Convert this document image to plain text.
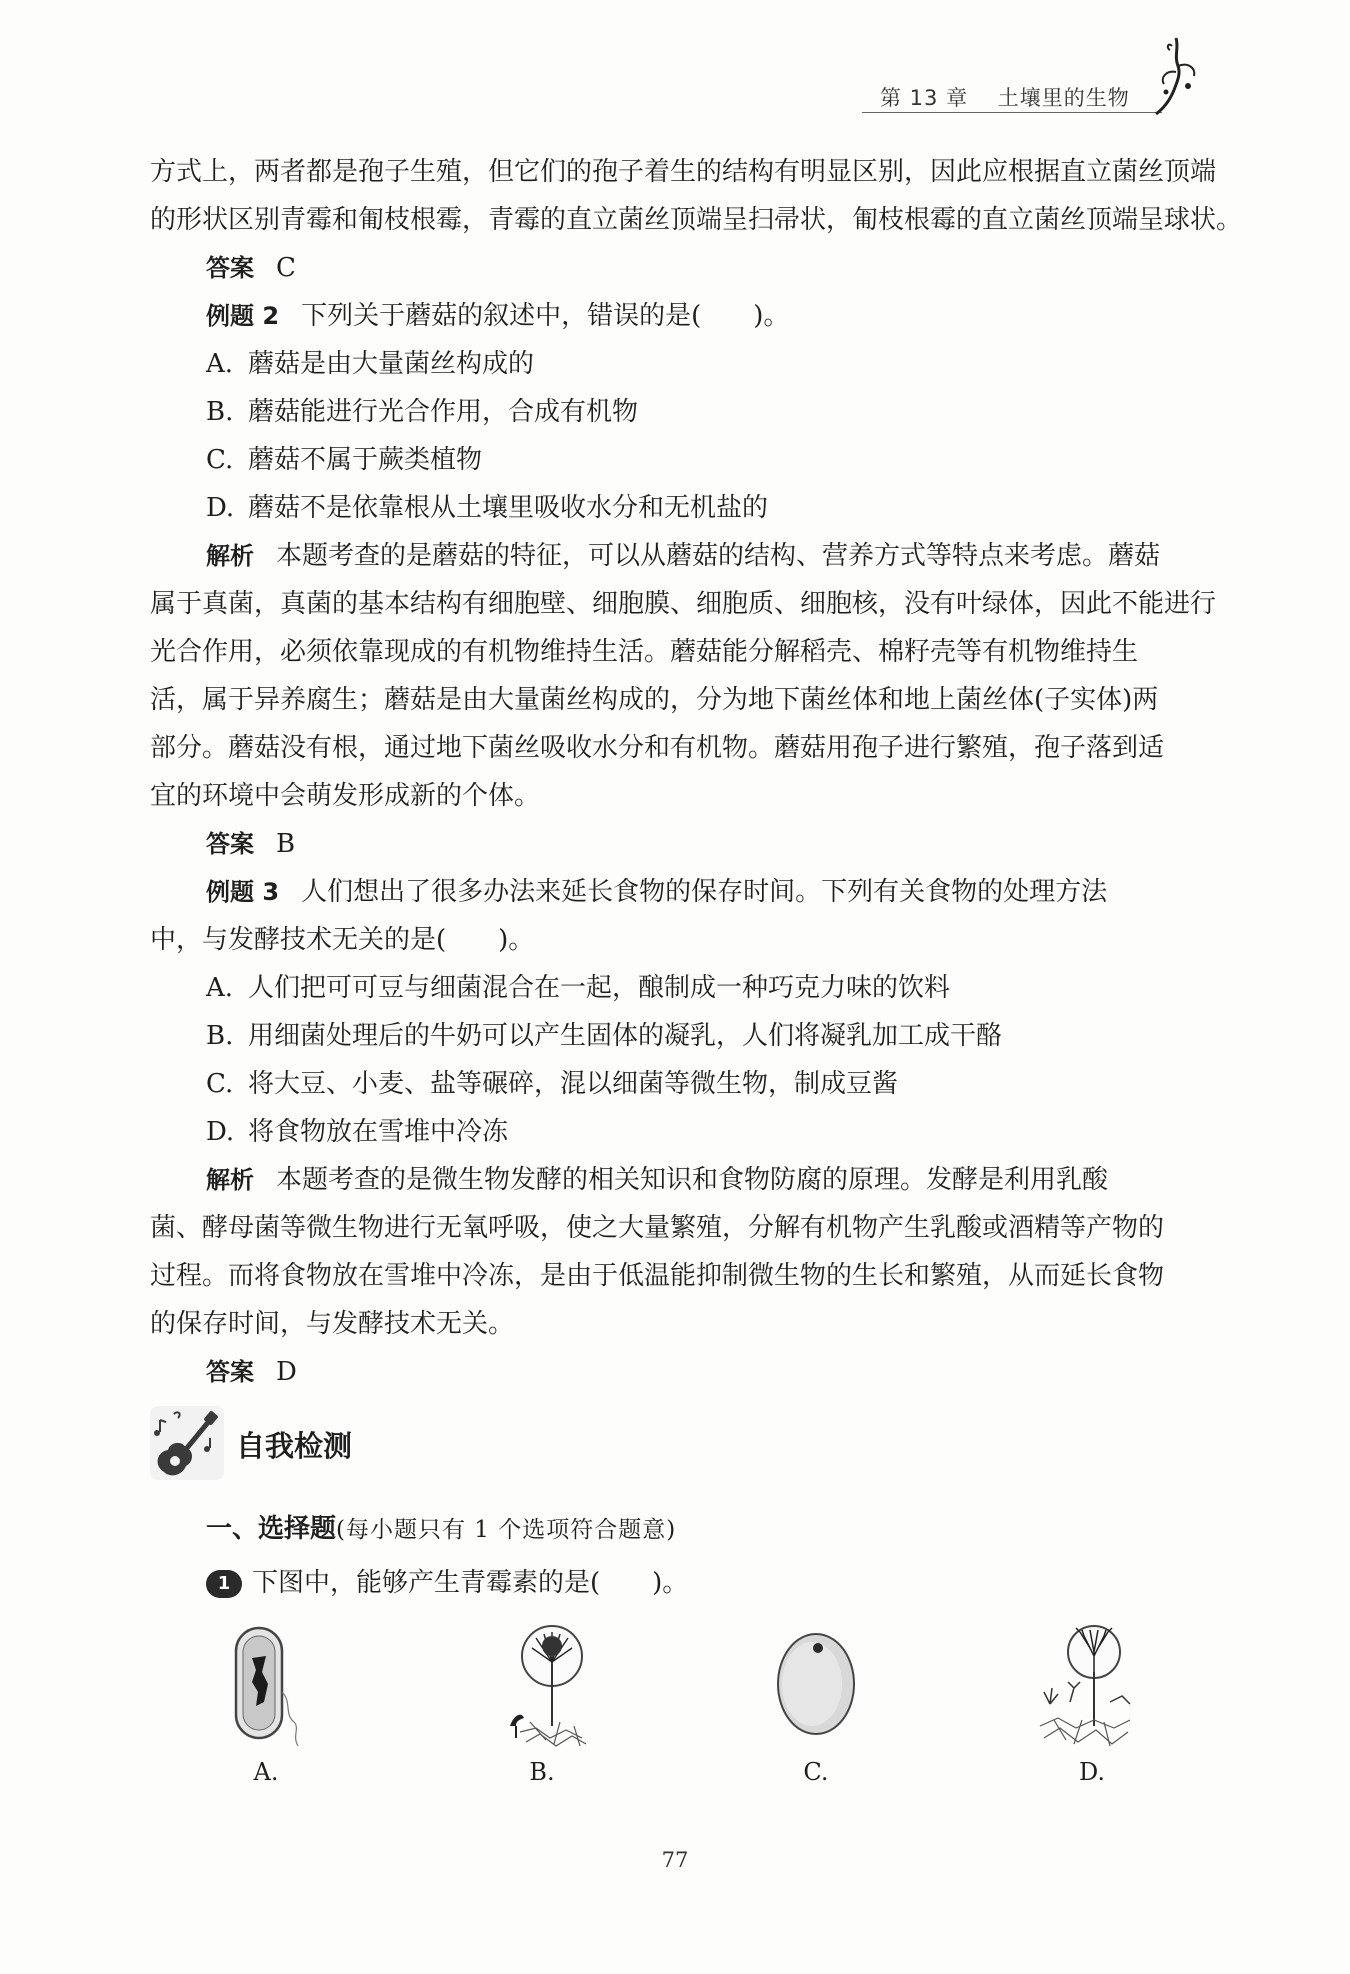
第 13 章 土壤里的生物
方式上，两者都是孢子生殖，但它们的孢子着生的结构有明显区别，因此应根据直立菌丝顶端
的形状区别青霉和匍枝根霉，青霉的直立菌丝顶端呈扫帚状，匍枝根霉的直立菌丝顶端呈球状。
答案 C
例题 2 下列关于蘑菇的叙述中，错误的是(　　)。
A. 蘑菇是由大量菌丝构成的
B. 蘑菇能进行光合作用，合成有机物
C. 蘑菇不属于蕨类植物
D. 蘑菇不是依靠根从土壤里吸收水分和无机盐的
解析 本题考查的是蘑菇的特征，可以从蘑菇的结构、营养方式等特点来考虑。蘑菇
属于真菌，真菌的基本结构有细胞壁、细胞膜、细胞质、细胞核，没有叶绿体，因此不能进行
光合作用，必须依靠现成的有机物维持生活。蘑菇能分解稻壳、棉籽壳等有机物维持生
活，属于异养腐生；蘑菇是由大量菌丝构成的，分为地下菌丝体和地上菌丝体(子实体)两
部分。蘑菇没有根，通过地下菌丝吸收水分和有机物。蘑菇用孢子进行繁殖，孢子落到适
宜的环境中会萌发形成新的个体。
答案 B
例题 3 人们想出了很多办法来延长食物的保存时间。下列有关食物的处理方法
中，与发酵技术无关的是(　　)。
A. 人们把可可豆与细菌混合在一起，酿制成一种巧克力味的饮料
B. 用细菌处理后的牛奶可以产生固体的凝乳，人们将凝乳加工成干酪
C. 将大豆、小麦、盐等碾碎，混以细菌等微生物，制成豆酱
D. 将食物放在雪堆中冷冻
解析 本题考查的是微生物发酵的相关知识和食物防腐的原理。发酵是利用乳酸
菌、酵母菌等微生物进行无氧呼吸，使之大量繁殖，分解有机物产生乳酸或酒精等产物的
过程。而将食物放在雪堆中冷冻，是由于低温能抑制微生物的生长和繁殖，从而延长食物
的保存时间，与发酵技术无关。
答案 D
自我检测
一、选择题(每小题只有 1 个选项符合题意)
1 下图中，能够产生青霉素的是(　　)。
A.	B.	C.	D.
77
